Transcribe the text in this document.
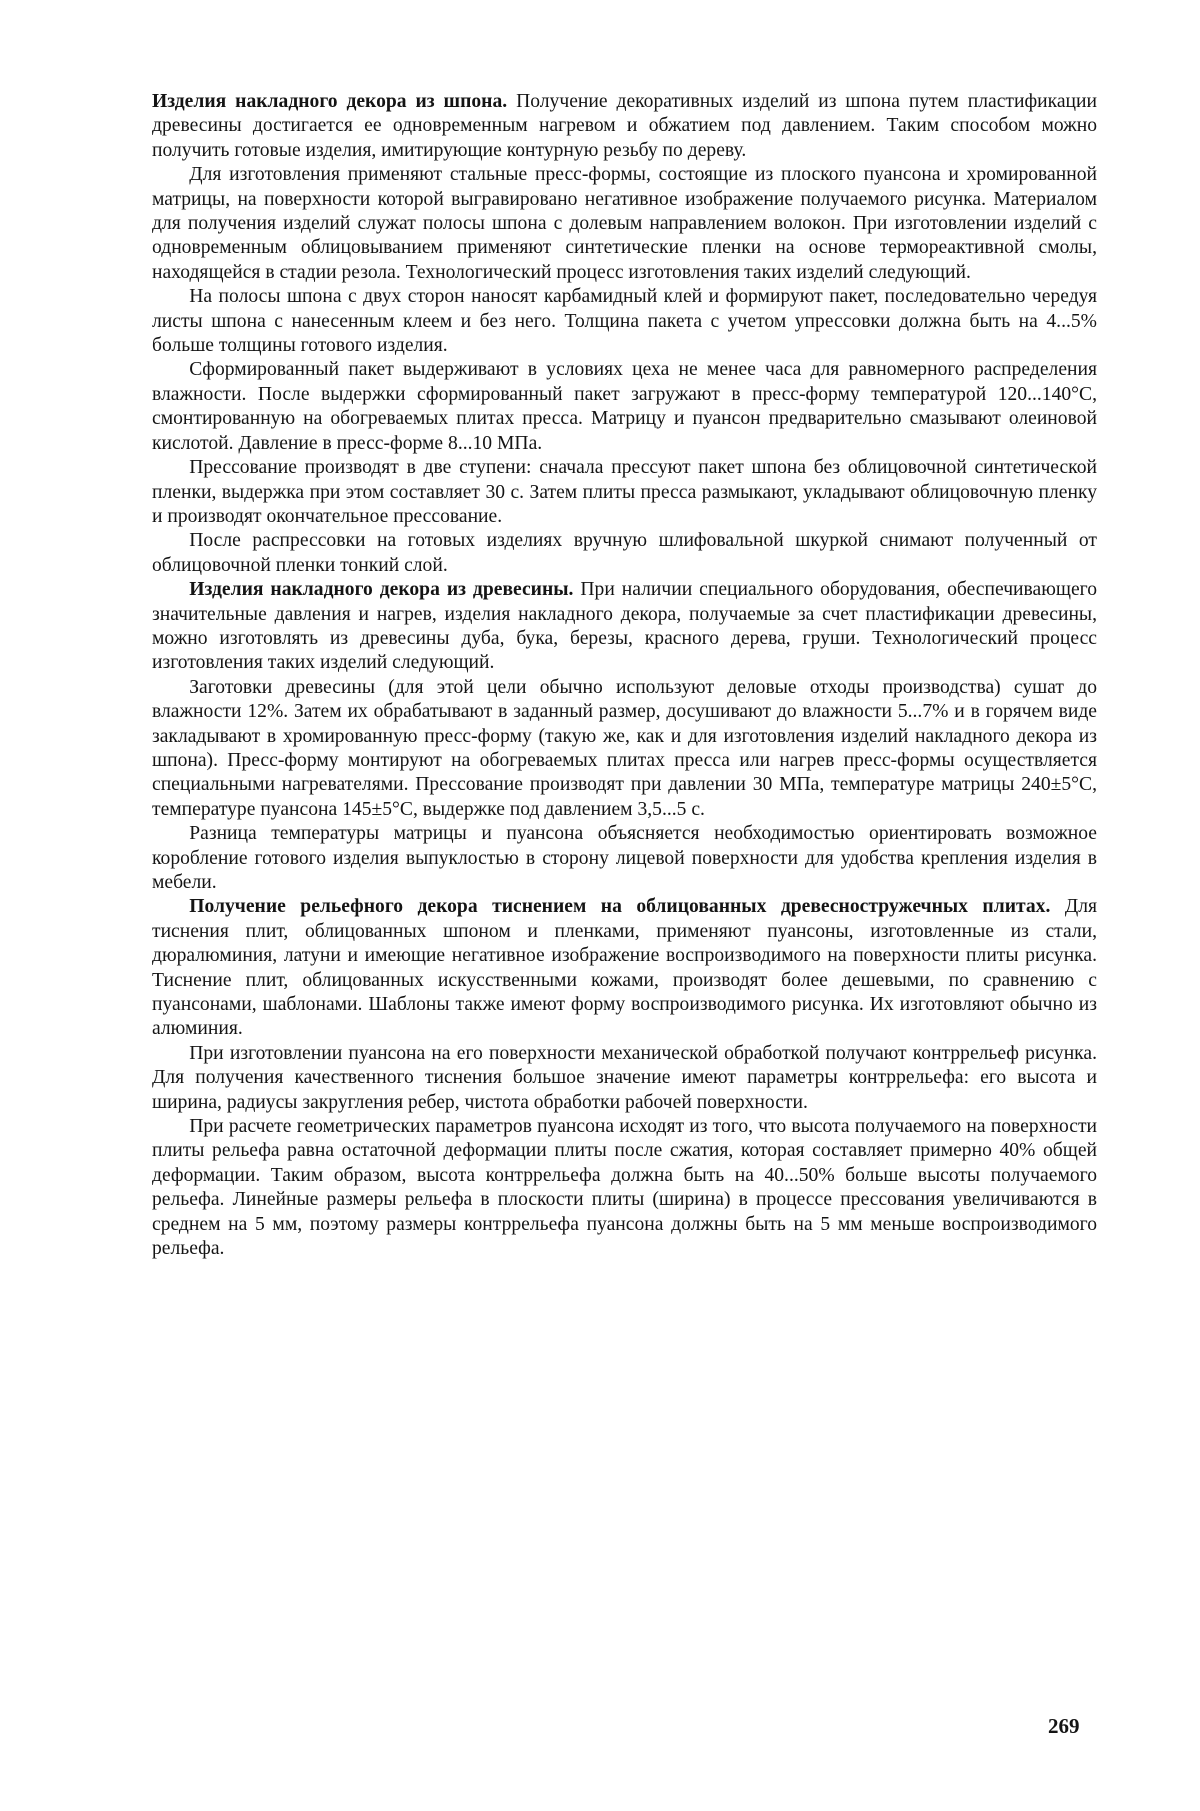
Изделия накладного декора из шпона. Получение декоративных изделий из шпона путем пластификации древесины достигается ее одновременным нагревом и обжатием под давлением. Таким способом можно получить готовые изделия, имитирующие контурную резьбу по дереву.

Для изготовления применяют стальные пресс-формы, состоящие из плоского пуансона и хромированной матрицы, на поверхности которой выгравировано негативное изображение получаемого рисунка. Материалом для получения изделий служат полосы шпона с долевым направлением волокон. При изготовлении изделий с одновременным облицовыванием применяют синтетические пленки на основе термореактивной смолы, находящейся в стадии резола. Технологический процесс изготовления таких изделий следующий.

На полосы шпона с двух сторон наносят карбамидный клей и формируют пакет, последовательно чередуя листы шпона с нанесенным клеем и без него. Толщина пакета с учетом упрессовки должна быть на 4...5% больше толщины готового изделия.

Сформированный пакет выдерживают в условиях цеха не менее часа для равномерного распределения влажности. После выдержки сформированный пакет загружают в пресс-форму температурой 120...140°С, смонтированную на обогреваемых плитах пресса. Матрицу и пуансон предварительно смазывают олеиновой кислотой. Давление в пресс-форме 8...10 МПа.

Прессование производят в две ступени: сначала прессуют пакет шпона без облицовочной синтетической пленки, выдержка при этом составляет 30 с. Затем плиты пресса размыкают, укладывают облицовочную пленку и производят окончательное прессование.

После распрессовки на готовых изделиях вручную шлифовальной шкуркой снимают полученный от облицовочной пленки тонкий слой.

Изделия накладного декора из древесины. При наличии специального оборудования, обеспечивающего значительные давления и нагрев, изделия накладного декора, получаемые за счет пластификации древесины, можно изготовлять из древесины дуба, бука, березы, красного дерева, груши. Технологический процесс изготовления таких изделий следующий.

Заготовки древесины (для этой цели обычно используют деловые отходы производства) сушат до влажности 12%. Затем их обрабатывают в заданный размер, досушивают до влажности 5...7% и в горячем виде закладывают в хромированную пресс-форму (такую же, как и для изготовления изделий накладного декора из шпона). Пресс-форму монтируют на обогреваемых плитах пресса или нагрев пресс-формы осуществляется специальными нагревателями. Прессование производят при давлении 30 МПа, температуре матрицы 240±5°С, температуре пуансона 145±5°С, выдержке под давлением 3,5...5 с.

Разница температуры матрицы и пуансона объясняется необходимостью ориентировать возможное коробление готового изделия выпуклостью в сторону лицевой поверхности для удобства крепления изделия в мебели.

Получение рельефного декора тиснением на облицованных древесностружечных плитах. Для тиснения плит, облицованных шпоном и пленками, применяют пуансоны, изготовленные из стали, дюралюминия, латуни и имеющие негативное изображение воспроизводимого на поверхности плиты рисунка. Тиснение плит, облицованных искусственными кожами, производят более дешевыми, по сравнению с пуансонами, шаблонами. Шаблоны также имеют форму воспроизводимого рисунка. Их изготовляют обычно из алюминия.

При изготовлении пуансона на его поверхности механической обработкой получают контррельеф рисунка. Для получения качественного тиснения большое значение имеют параметры контррельефа: его высота и ширина, радиусы закругления ребер, чистота обработки рабочей поверхности.

При расчете геометрических параметров пуансона исходят из того, что высота получаемого на поверхности плиты рельефа равна остаточной деформации плиты после сжатия, которая составляет примерно 40% общей деформации. Таким образом, высота контррельефа должна быть на 40...50% больше высоты получаемого рельефа. Линейные размеры рельефа в плоскости плиты (ширина) в процессе прессования увеличиваются в среднем на 5 мм, поэтому размеры контррельефа пуансона должны быть на 5 мм меньше воспроизводимого рельефа.

269
